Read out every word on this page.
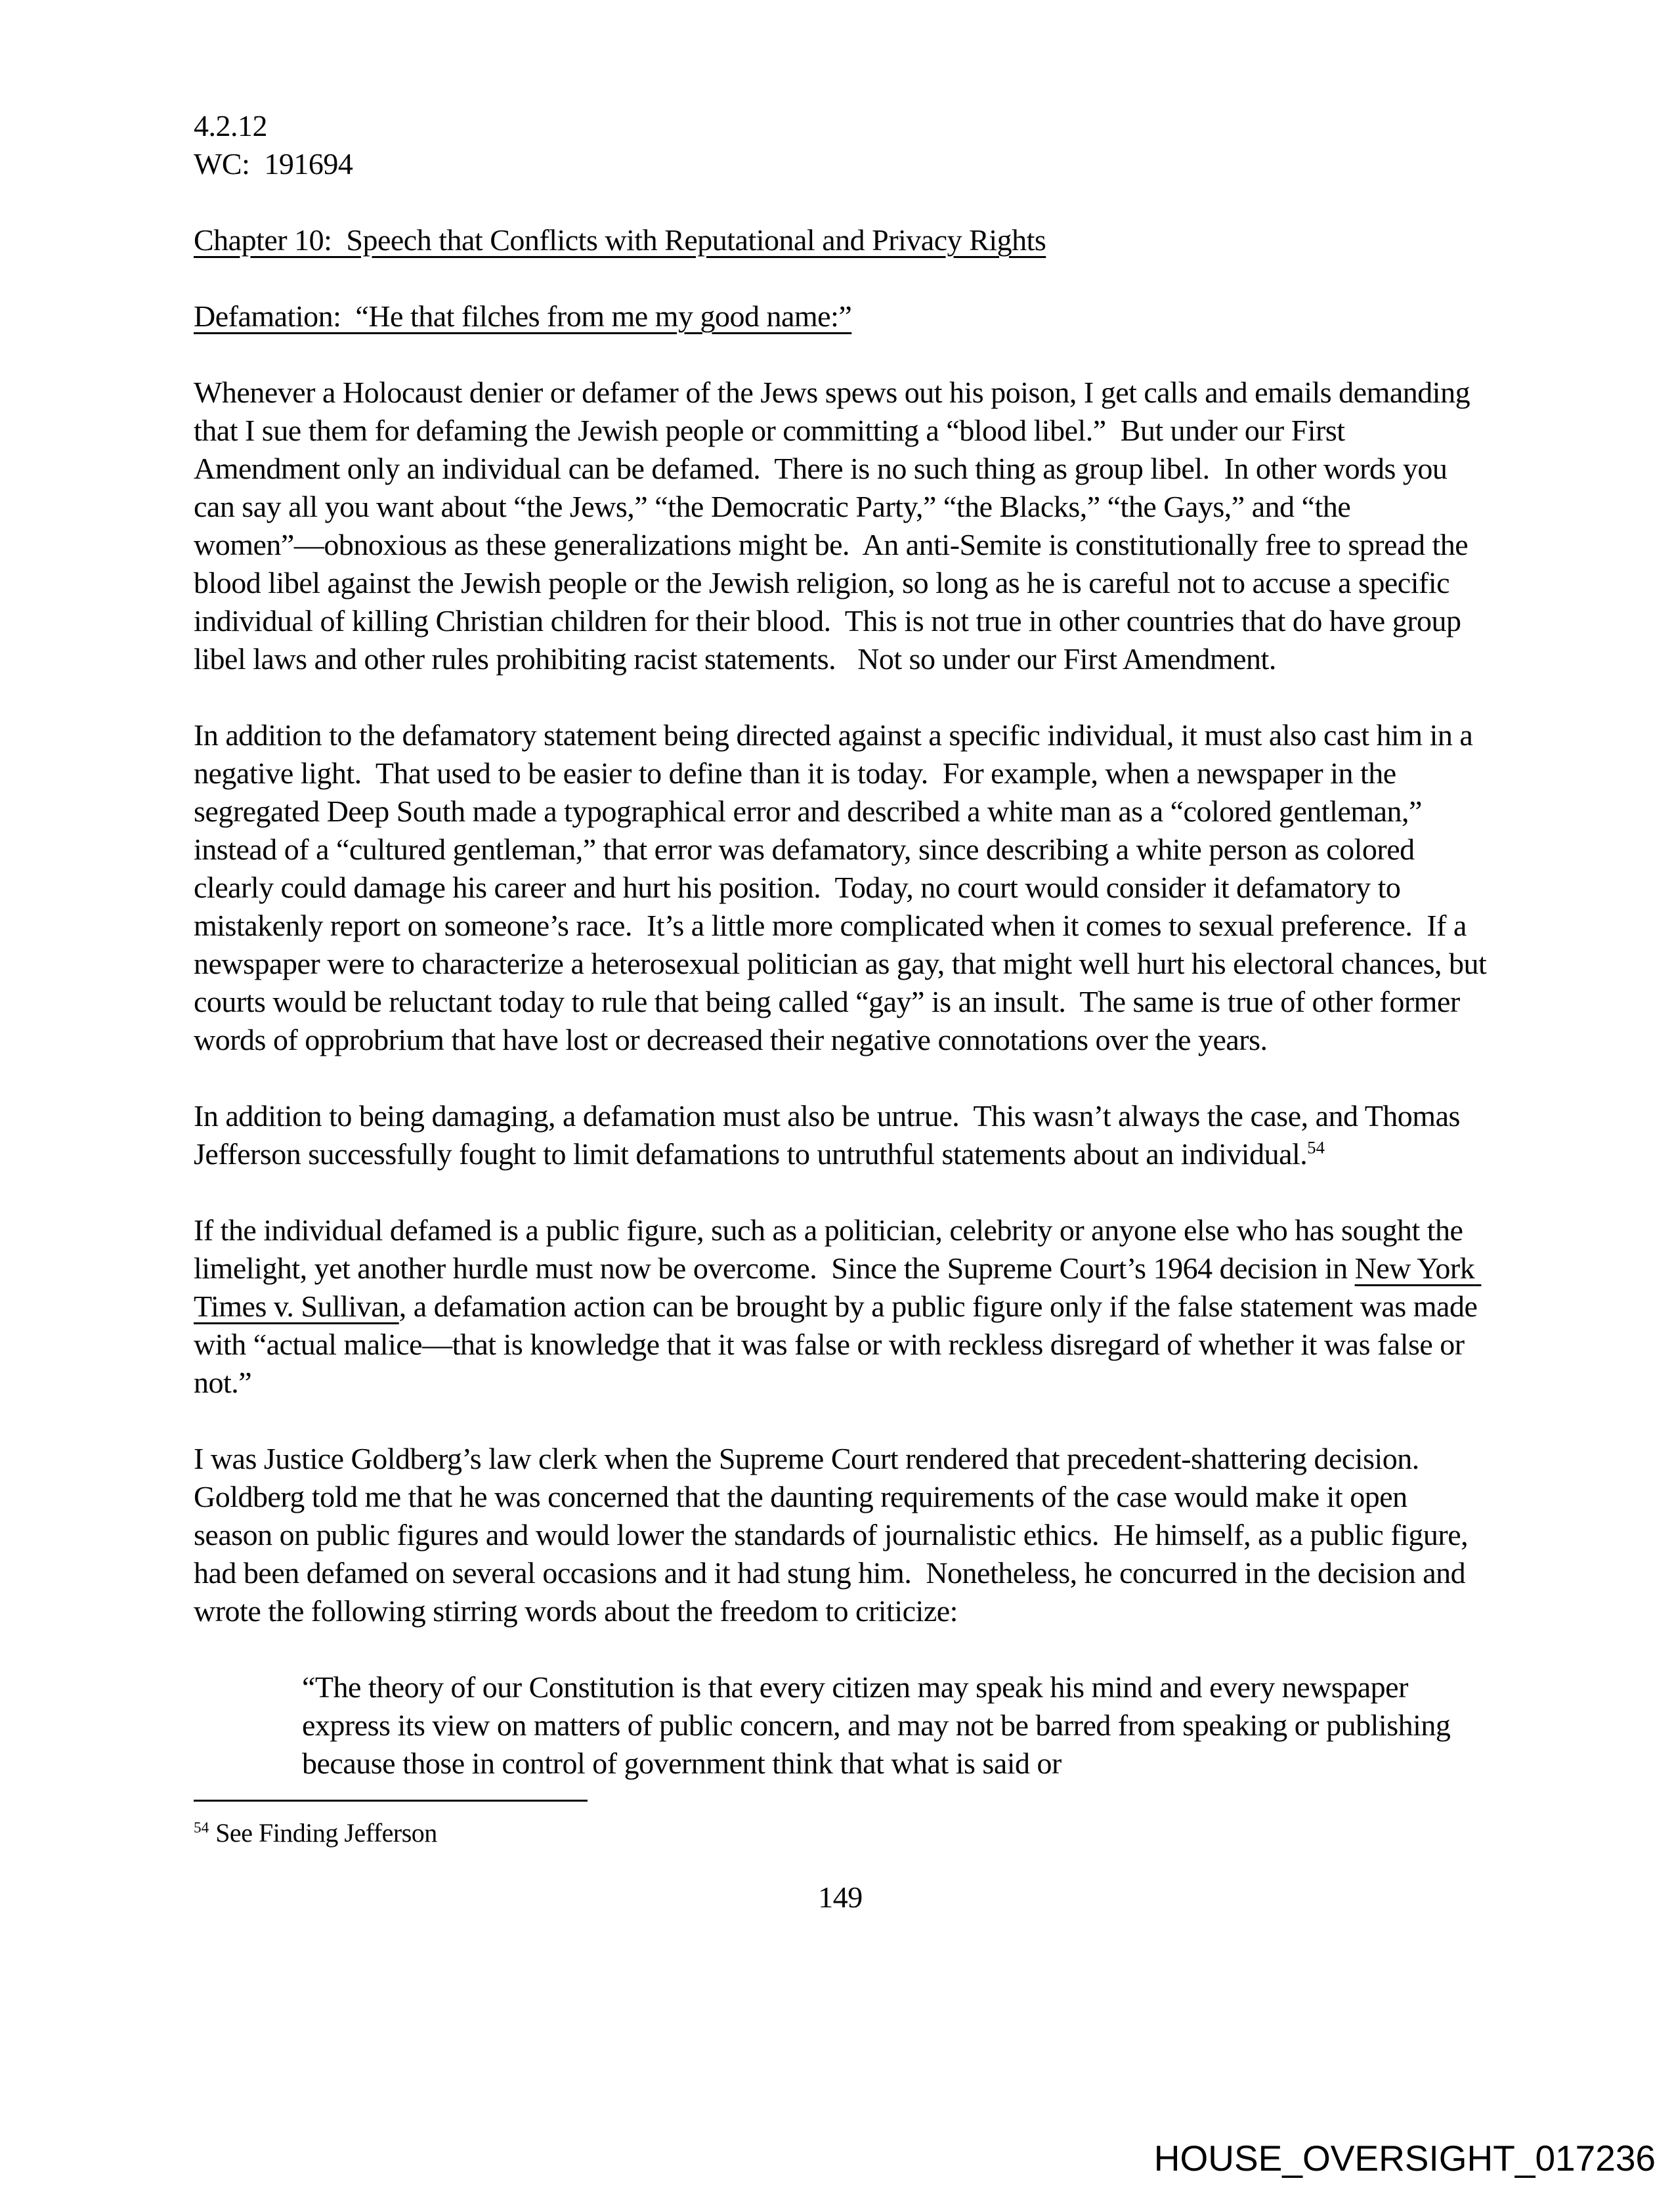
4.2.12
WC:  191694
Chapter 10:  Speech that Conflicts with Reputational and Privacy Rights
Defamation:  “He that filches from me my good name:”

Whenever a Holocaust denier or defamer of the Jews spews out his poison, I get calls and emails demanding that I sue them for defaming the Jewish people or committing a “blood libel.”  But under our First Amendment only an individual can be defamed.  There is no such thing as group libel.  In other words you can say all you want about “the Jews,” “the Democratic Party,” “the Blacks,” “the Gays,” and “the women”—obnoxious as these generalizations might be.  An anti-Semite is constitutionally free to spread the blood libel against the Jewish people or the Jewish religion, so long as he is careful not to accuse a specific individual of killing Christian children for their blood.  This is not true in other countries that do have group libel laws and other rules prohibiting racist statements.   Not so under our First Amendment.

In addition to the defamatory statement being directed against a specific individual, it must also cast him in a negative light.  That used to be easier to define than it is today.  For example, when a newspaper in the segregated Deep South made a typographical error and described a white man as a “colored gentleman,” instead of a “cultured gentleman,” that error was defamatory, since describing a white person as colored clearly could damage his career and hurt his position.  Today, no court would consider it defamatory to mistakenly report on someone’s race.  It’s a little more complicated when it comes to sexual preference.  If a newspaper were to characterize a heterosexual politician as gay, that might well hurt his electoral chances, but courts would be reluctant today to rule that being called “gay” is an insult.  The same is true of other former words of opprobrium that have lost or decreased their negative connotations over the years.

In addition to being damaging, a defamation must also be untrue.  This wasn’t always the case, and Thomas Jefferson successfully fought to limit defamations to untruthful statements about an individual.$^{54}$

If the individual defamed is a public figure, such as a politician, celebrity or anyone else who has sought the limelight, yet another hurdle must now be overcome.  Since the Supreme Court’s 1964 decision in New York Times v. Sullivan, a defamation action can be brought by a public figure only if the false statement was made with “actual malice—that is knowledge that it was false or with reckless disregard of whether it was false or not.”

I was Justice Goldberg’s law clerk when the Supreme Court rendered that precedent-shattering decision.  Goldberg told me that he was concerned that the daunting requirements of the case would make it open season on public figures and would lower the standards of journalistic ethics.  He himself, as a public figure, had been defamed on several occasions and it had stung him.  Nonetheless, he concurred in the decision and wrote the following stirring words about the freedom to criticize:

“The theory of our Constitution is that every citizen may speak his mind and every newspaper express its view on matters of public concern, and may not be barred from speaking or publishing because those in control of government think that what is said or

$^{54}$ See Finding Jefferson
149
HOUSE_OVERSIGHT_017236
